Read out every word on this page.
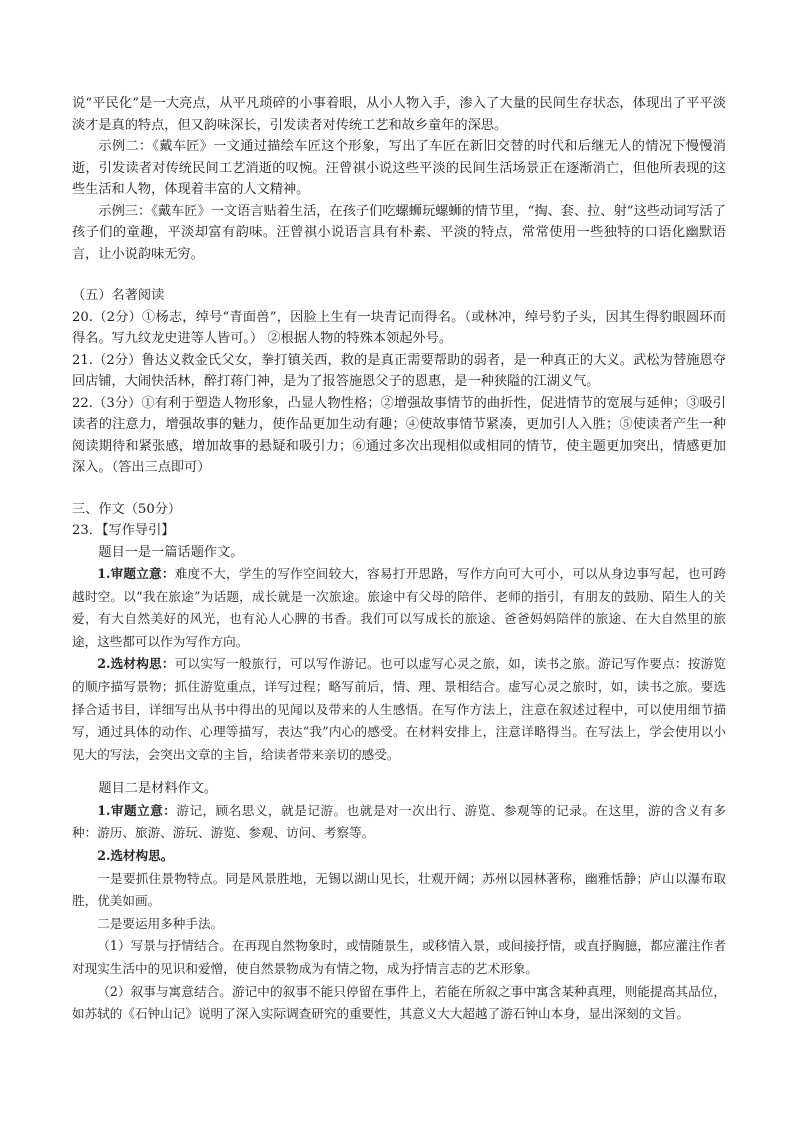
说“平民化”是一大亮点，从平凡琐碎的小事着眼，从小人物入手，渗入了大量的民间生存状态，体现出了平平淡淡才是真的特点，但又韵味深长，引发读者对传统工艺和故乡童年的深思。

示例二：《戴车匠》一文通过描绘车匠这个形象，写出了车匠在新旧交替的时代和后继无人的情况下慢慢消逝，引发读者对传统民间工艺消逝的叹惋。汪曾祺小说这些平淡的民间生活场景正在逐渐消亡，但他所表现的这些生活和人物，体现着丰富的人文精神。

示例三：《戴车匠》一文语言贴着生活，在孩子们吃螺蛳玩螺蛳的情节里，“掏、套、拉、射”这些动词写活了孩子们的童趣，平淡却富有韵味。汪曾祺小说语言具有朴素、平淡的特点，常常使用一些独特的口语化幽默语言，让小说韵味无穷。

（五）名著阅读

20.（2分）①杨志，绰号“青面兽”，因脸上生有一块青记而得名。（或林冲，绰号豹子头，因其生得豹眼圆环而得名。写九纹龙史进等人皆可。） ②根据人物的特殊本领起外号。

21.（2分）鲁达义救金氏父女，拳打镇关西，救的是真正需要帮助的弱者，是一种真正的大义。武松为替施恩夺回店铺，大闹快活林，醉打蒋门神，是为了报答施恩父子的恩惠，是一种狭隘的江湖义气。

22.（3分）①有利于塑造人物形象，凸显人物性格；②增强故事情节的曲折性，促进情节的宽展与延伸；③吸引读者的注意力，增强故事的魅力，使作品更加生动有趣；④使故事情节紧凑，更加引人入胜；⑤使读者产生一种阅读期待和紧张感，增加故事的悬疑和吸引力；⑥通过多次出现相似或相同的情节，使主题更加突出，情感更加深入。（答出三点即可）

三、作文（50分）

23．【写作导引】

题目一是一篇话题作文。

1.审题立意：难度不大，学生的写作空间较大，容易打开思路，写作方向可大可小，可以从身边事写起，也可跨越时空。以“我在旅途”为话题，成长就是一次旅途。旅途中有父母的陪伴、老师的指引，有朋友的鼓励、陌生人的关爱，有大自然美好的风光，也有沁人心脾的书香。我们可以写成长的旅途、爸爸妈妈陪伴的旅途、在大自然里的旅途，这些都可以作为写作方向。

2.选材构思：可以实写一般旅行，可以写作游记。也可以虚写心灵之旅，如，读书之旅。游记写作要点：按游览的顺序描写景物；抓住游览重点，详写过程；略写前后，情、理、景相结合。虚写心灵之旅时，如，读书之旅。要选择合适书目，详细写出从书中得出的见闻以及带来的人生感悟。在写作方法上，注意在叙述过程中，可以使用细节描写，通过具体的动作、心理等描写，表达“我”内心的感受。在材料安排上，注意详略得当。在写法上，学会使用以小见大的写法，会突出文章的主旨，给读者带来亲切的感受。

题目二是材料作文。

1.审题立意：游记，顾名思义，就是记游。也就是对一次出行、游览、参观等的记录。在这里，游的含义有多种：游历、旅游、游玩、游览、参观、访问、考察等。

2.选材构思。

一是要抓住景物特点。同是风景胜地，无锡以湖山见长，壮观开阔；苏州以园林著称，幽雅恬静；庐山以瀑布取胜，优美如画。

二是要运用多种手法。

（1）写景与抒情结合。在再现自然物象时，或情随景生，或移情入景，或间接抒情，或直抒胸臆，都应灌注作者对现实生活中的见识和爱憎，使自然景物成为有情之物，成为抒情言志的艺术形象。

（2）叙事与寓意结合。游记中的叙事不能只停留在事件上，若能在所叙之事中寓含某种真理，则能提高其品位，如苏轼的《石钟山记》说明了深入实际调查研究的重要性，其意义大大超越了游石钟山本身，显出深刻的文旨。
